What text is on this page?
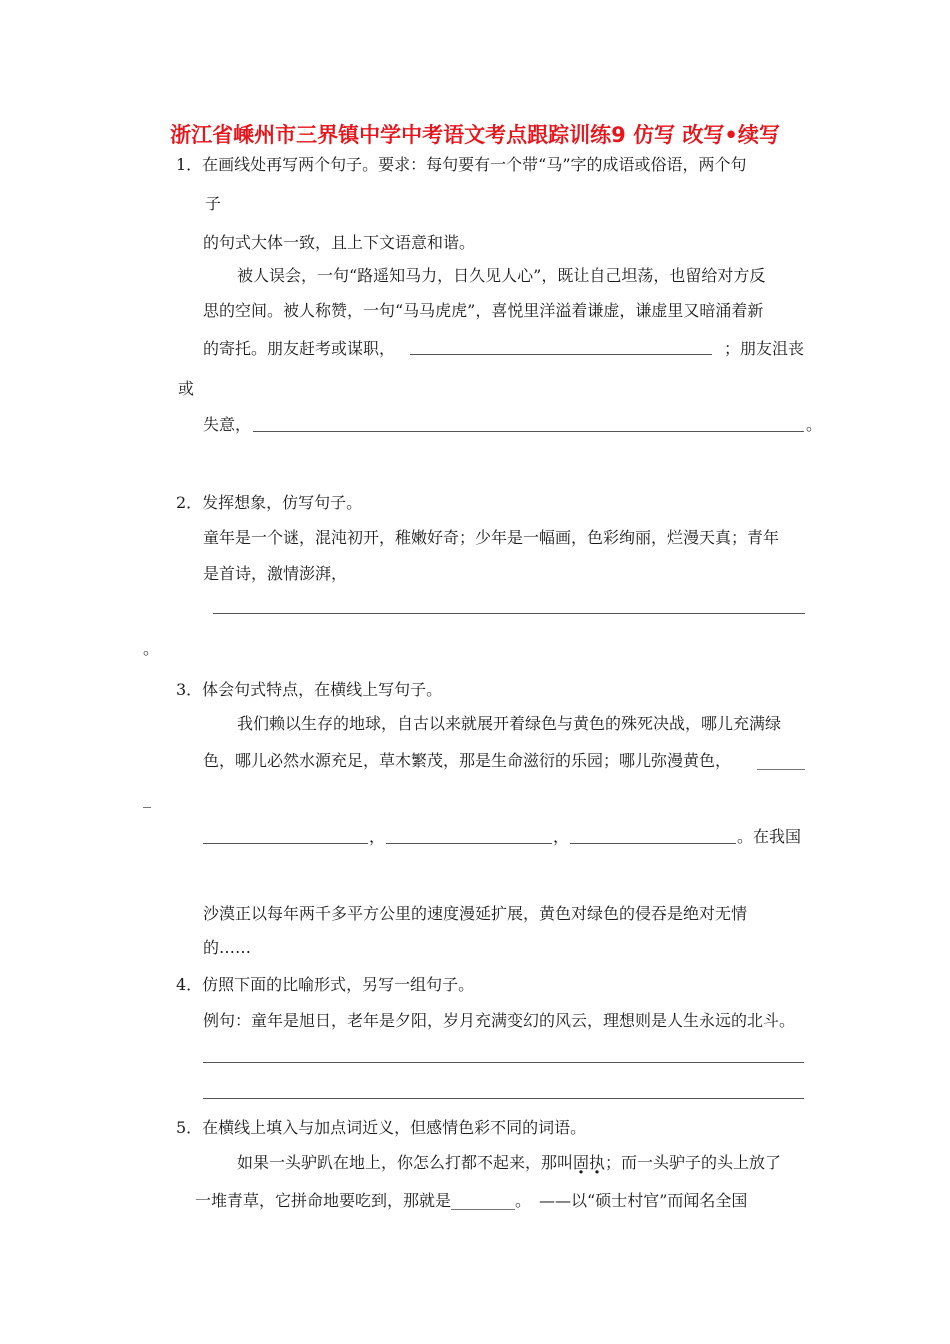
浙江省嵊州市三界镇中学中考语文考点跟踪训练9 仿写 改写•续写
1．在画线处再写两个句子。要求：每句要有一个带“马”字的成语或俗语，两个句
子
的句式大体一致，且上下文语意和谐。
被人误会，一句“路遥知马力，日久见人心”，既让自己坦荡，也留给对方反
思的空间。被人称赞，一句“马马虎虎”，喜悦里洋溢着谦虚，谦虚里又暗涌着新
的寄托。朋友赶考或谋职，	；朋友沮丧
或
失意，	。
2．发挥想象，仿写句子。
童年是一个谜，混沌初开，稚嫩好奇；少年是一幅画，色彩绚丽，烂漫天真；青年
是首诗，激情澎湃，
。
3．体会句式特点，在横线上写句子。
我们赖以生存的地球，自古以来就展开着绿色与黄色的殊死决战，哪儿充满绿
色，哪儿必然水源充足，草木繁茂，那是生命滋衍的乐园；哪儿弥漫黄色， ______
_
，	，	。在我国
沙漠正以每年两千多平方公里的速度漫延扩展，黄色对绿色的侵吞是绝对无情
的……
4．仿照下面的比喻形式，另写一组句子。
例句：童年是旭日，老年是夕阳，岁月充满变幻的风云，理想则是人生永远的北斗。
5．在横线上填入与加点词近义，但感情色彩不同的词语。
如果一头驴趴在地上，你怎么打都不起来，那叫固执；而一头驴子的头上放了
一堆青草，它拼命地要吃到，那就是________。　——以“硕士村官”而闻名全国
